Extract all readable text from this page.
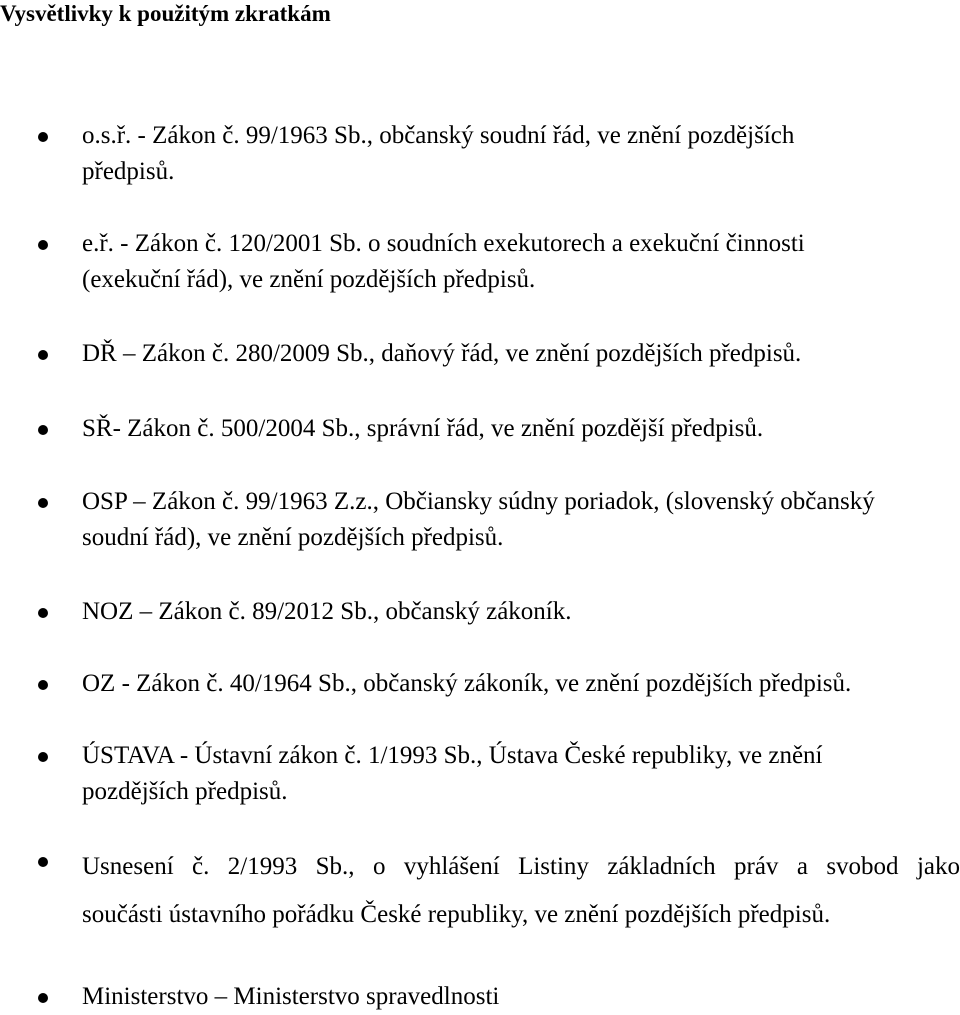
Vysvětlivky k použitým zkratkám
o.s.ř. - Zákon č. 99/1963 Sb., občanský soudní řád, ve znění pozdějších předpisů.
e.ř. - Zákon č. 120/2001 Sb. o soudních exekutorech a exekuční činnosti (exekuční řád), ve znění pozdějších předpisů.
DŘ – Zákon č. 280/2009 Sb., daňový řád, ve znění pozdějších předpisů.
SŘ- Zákon č. 500/2004 Sb., správní řád, ve znění pozdější předpisů.
OSP – Zákon č. 99/1963 Z.z., Občiansky súdny poriadok, (slovenský občanský soudní řád), ve znění pozdějších předpisů.
NOZ – Zákon č. 89/2012 Sb., občanský zákoník.
OZ - Zákon č. 40/1964 Sb., občanský zákoník, ve znění pozdějších předpisů.
ÚSTAVA - Ústavní zákon č. 1/1993 Sb., Ústava České republiky, ve znění pozdějších předpisů.
Usnesení č. 2/1993 Sb., o vyhlášení Listiny základních práv a svobod jako
součásti ústavního pořádku České republiky, ve znění pozdějších předpisů.
Ministerstvo – Ministerstvo spravedlnosti
